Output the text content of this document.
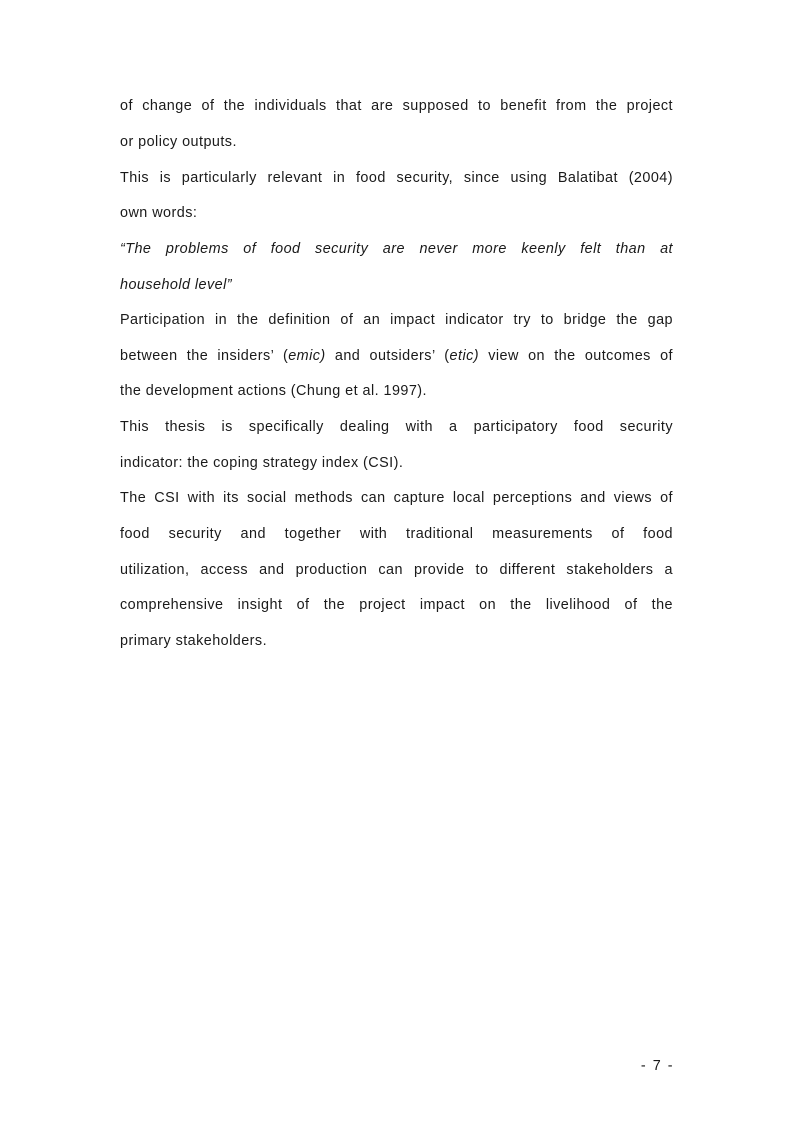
of change of the individuals that are supposed to benefit from the project
or policy outputs.
This is particularly relevant in food security, since using Balatibat (2004)
own words:
“The problems of food security are never more keenly felt than at
household level”
Participation in the definition of an impact indicator try to bridge the gap
between the insiders’ (emic) and outsiders’ (etic) view on the outcomes of
the development actions (Chung et al. 1997).
This thesis is specifically dealing with a participatory food security
indicator: the coping strategy index (CSI).
The CSI with its social methods can capture local perceptions and views of
food security and together with traditional measurements of food
utilization, access and production can provide to different stakeholders a
comprehensive insight of the project impact on the livelihood of the
primary stakeholders.
- 7 -
